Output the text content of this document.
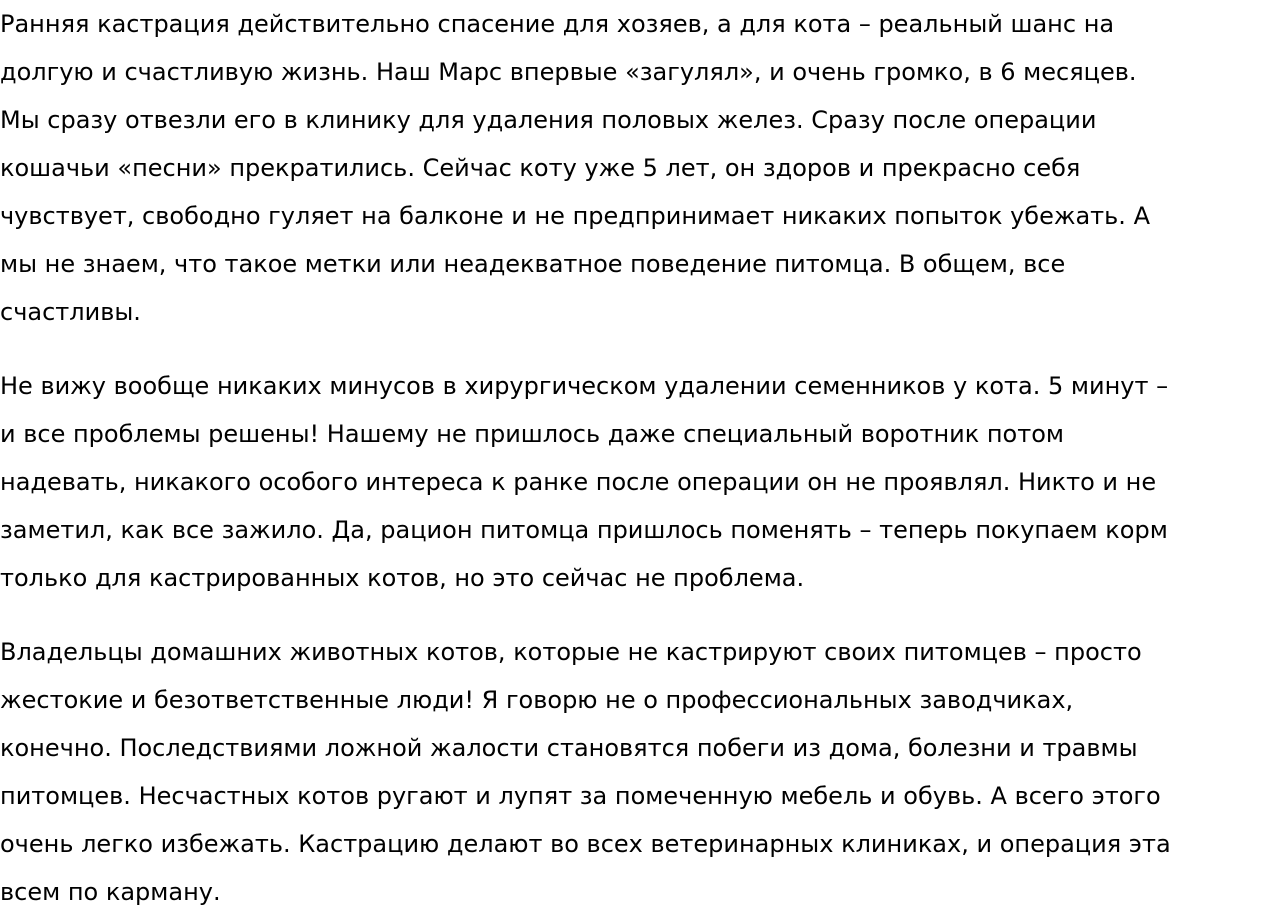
Ранняя кастрация действительно спасение для хозяев, а для кота – реальный шанс на
долгую и счастливую жизнь. Наш Марс впервые «загулял», и очень громко, в 6 месяцев.
Мы сразу отвезли его в клинику для удаления половых желез. Сразу после операции
кошачьи «песни» прекратились. Сейчас коту уже 5 лет, он здоров и прекрасно себя
чувствует, свободно гуляет на балконе и не предпринимает никаких попыток убежать. А
мы не знаем, что такое метки или неадекватное поведение питомца. В общем, все
счастливы.

Не вижу вообще никаких минусов в хирургическом удалении семенников у кота. 5 минут –
и все проблемы решены! Нашему не пришлось даже специальный воротник потом
надевать, никакого особого интереса к ранке после операции он не проявлял. Никто и не
заметил, как все зажило. Да, рацион питомца пришлось поменять – теперь покупаем корм
только для кастрированных котов, но это сейчас не проблема.

Владельцы домашних животных котов, которые не кастрируют своих питомцев – просто
жестокие и безответственные люди! Я говорю не о профессиональных заводчиках,
конечно. Последствиями ложной жалости становятся побеги из дома, болезни и травмы
питомцев. Несчастных котов ругают и лупят за помеченную мебель и обувь. А всего этого
очень легко избежать. Кастрацию делают во всех ветеринарных клиниках, и операция эта
всем по карману.
